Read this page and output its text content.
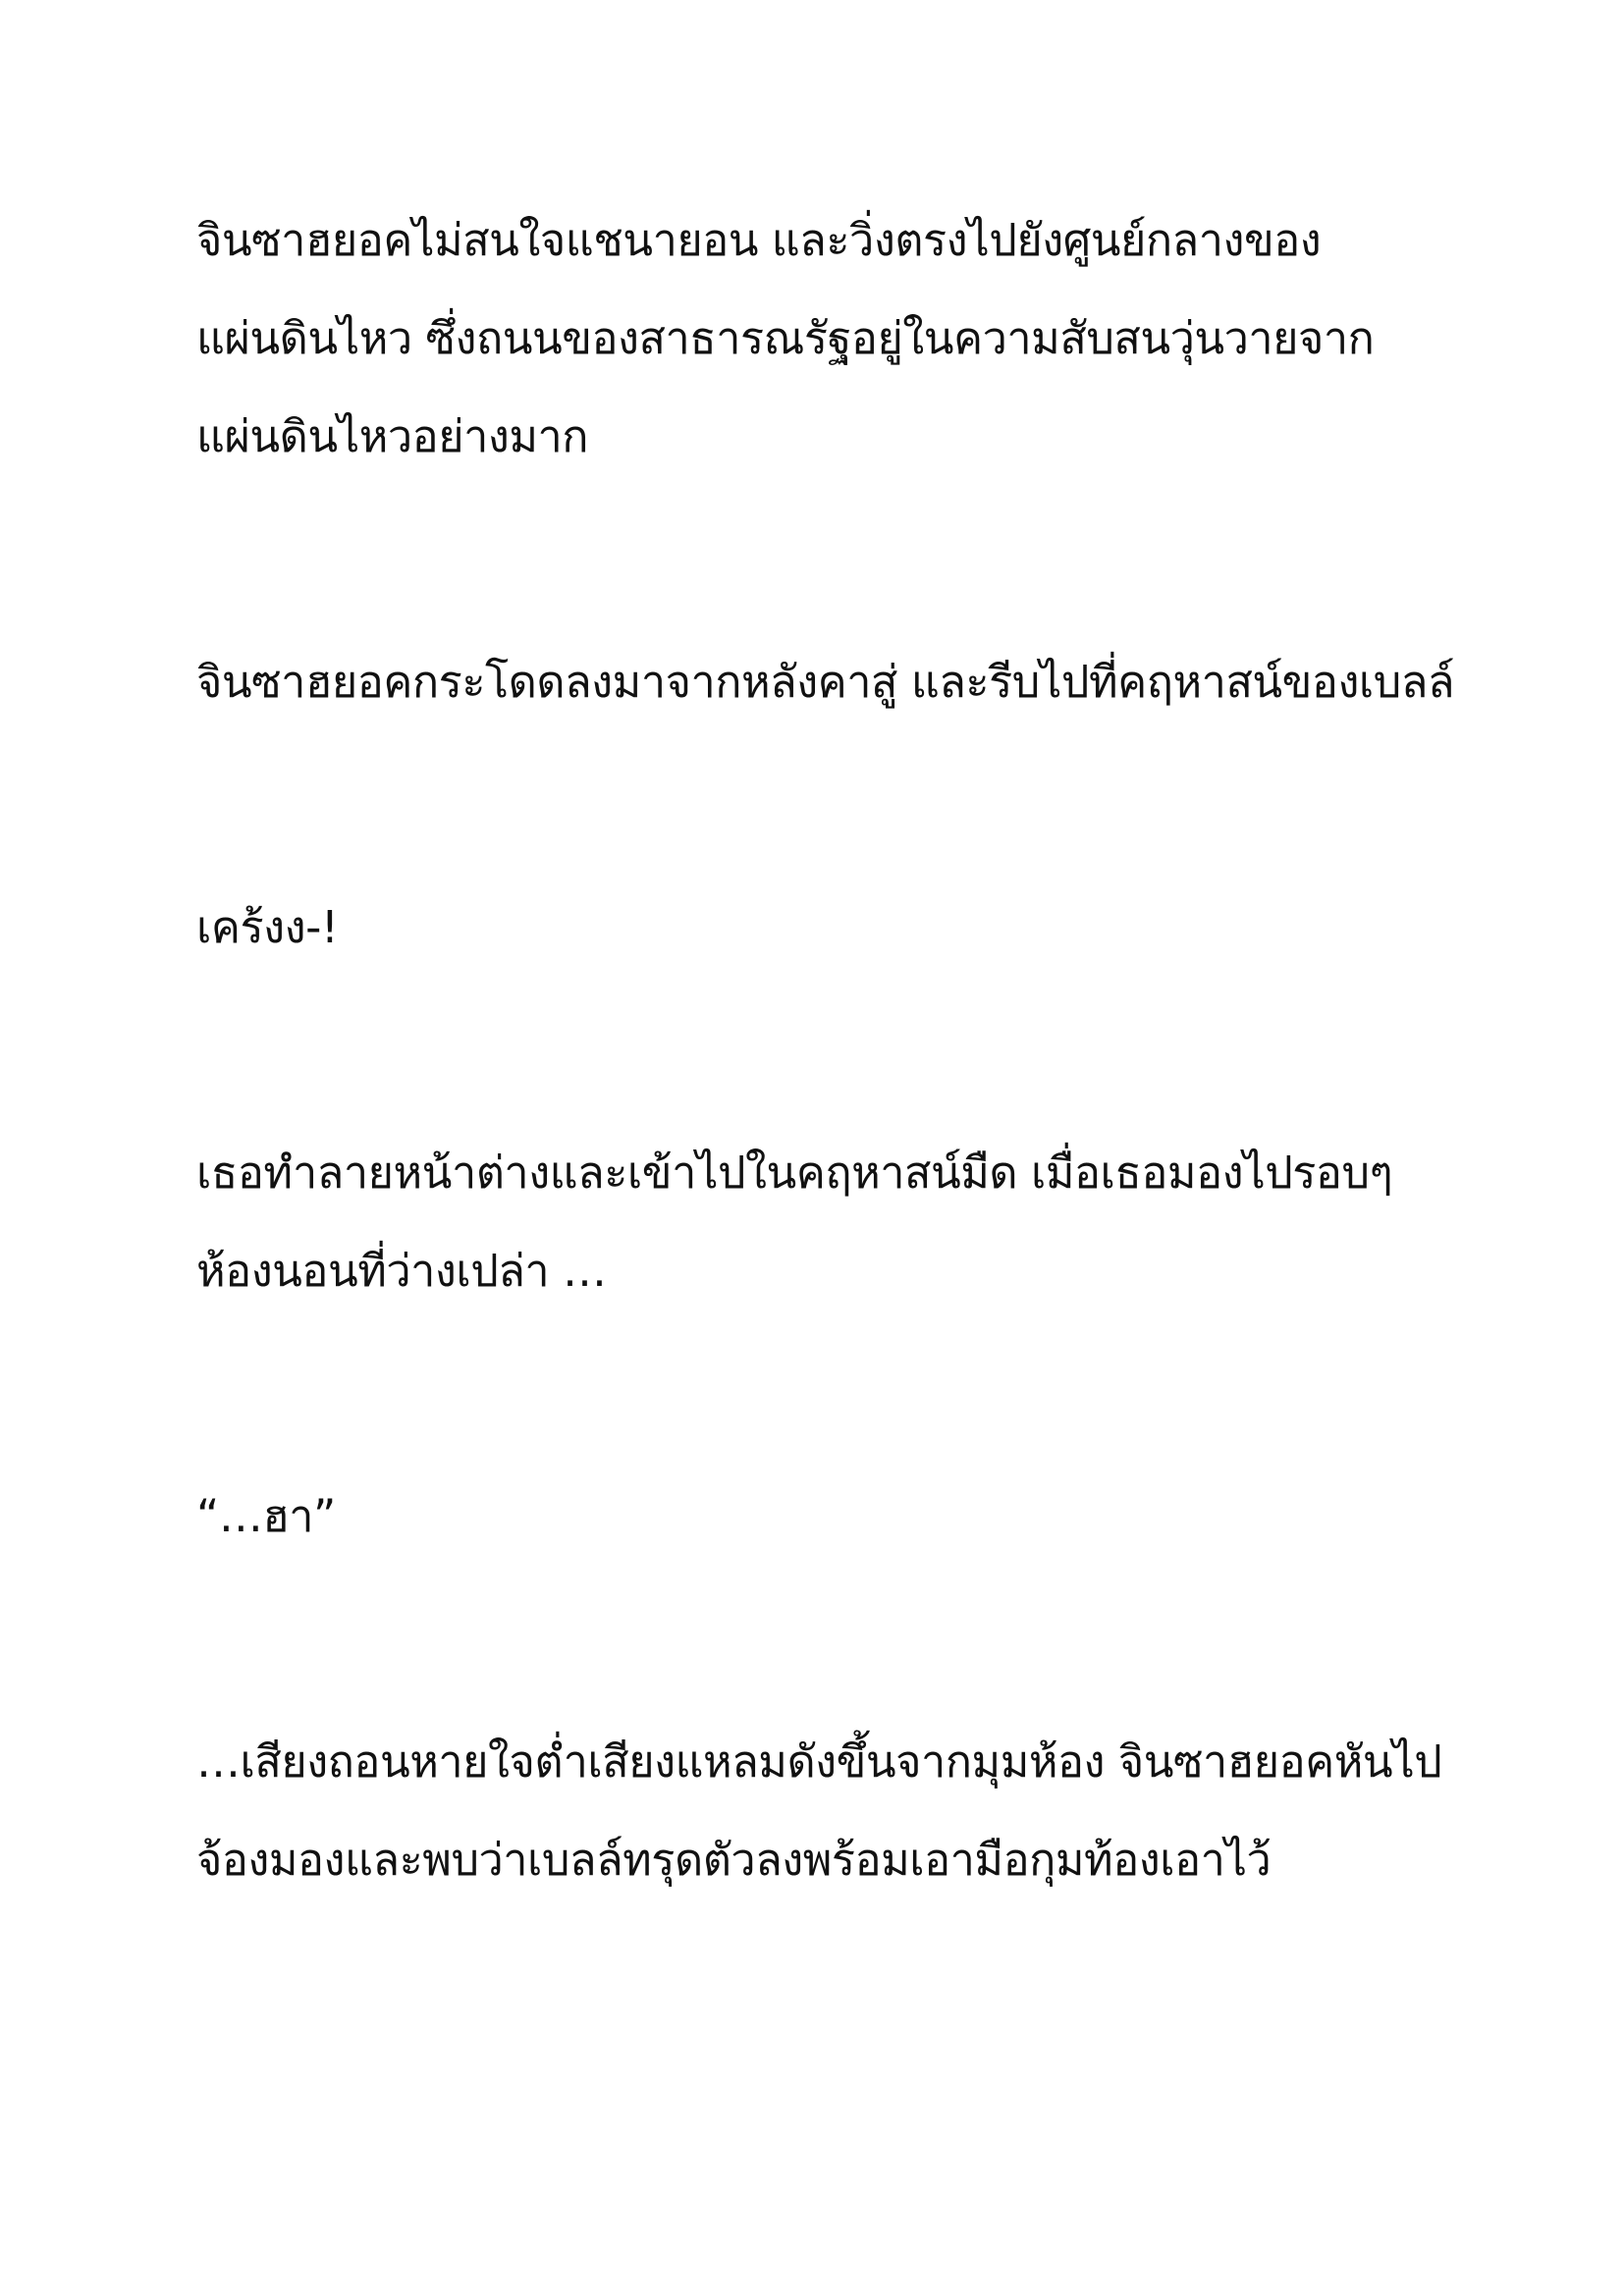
จินซาฮยอคไม่สนใจแชนายอน และวิ่งตรงไปยังศูนย์กลางของ

แผ่นดินไหว ซึ่งถนนของสาธารณรัฐอยู่ในความสับสนวุ่นวายจาก

แผ่นดินไหวอย่างมาก

จินซาฮยอคกระโดดลงมาจากหลังคาสู่ และรีบไปที่คฤหาสน์ของเบลล์

เคร้งง-!

เธอทำลายหน้าต่างและเข้าไปในคฤหาสน์มืด เมื่อเธอมองไปรอบๆ

ห้องนอนที่ว่างเปล่า …

“…ฮา”

…เสียงถอนหายใจต่ำเสียงแหลมดังขึ้นจากมุมห้อง จินซาฮยอคหันไป

จ้องมองและพบว่าเบลล์ทรุดตัวลงพร้อมเอามือกุมท้องเอาไว้
